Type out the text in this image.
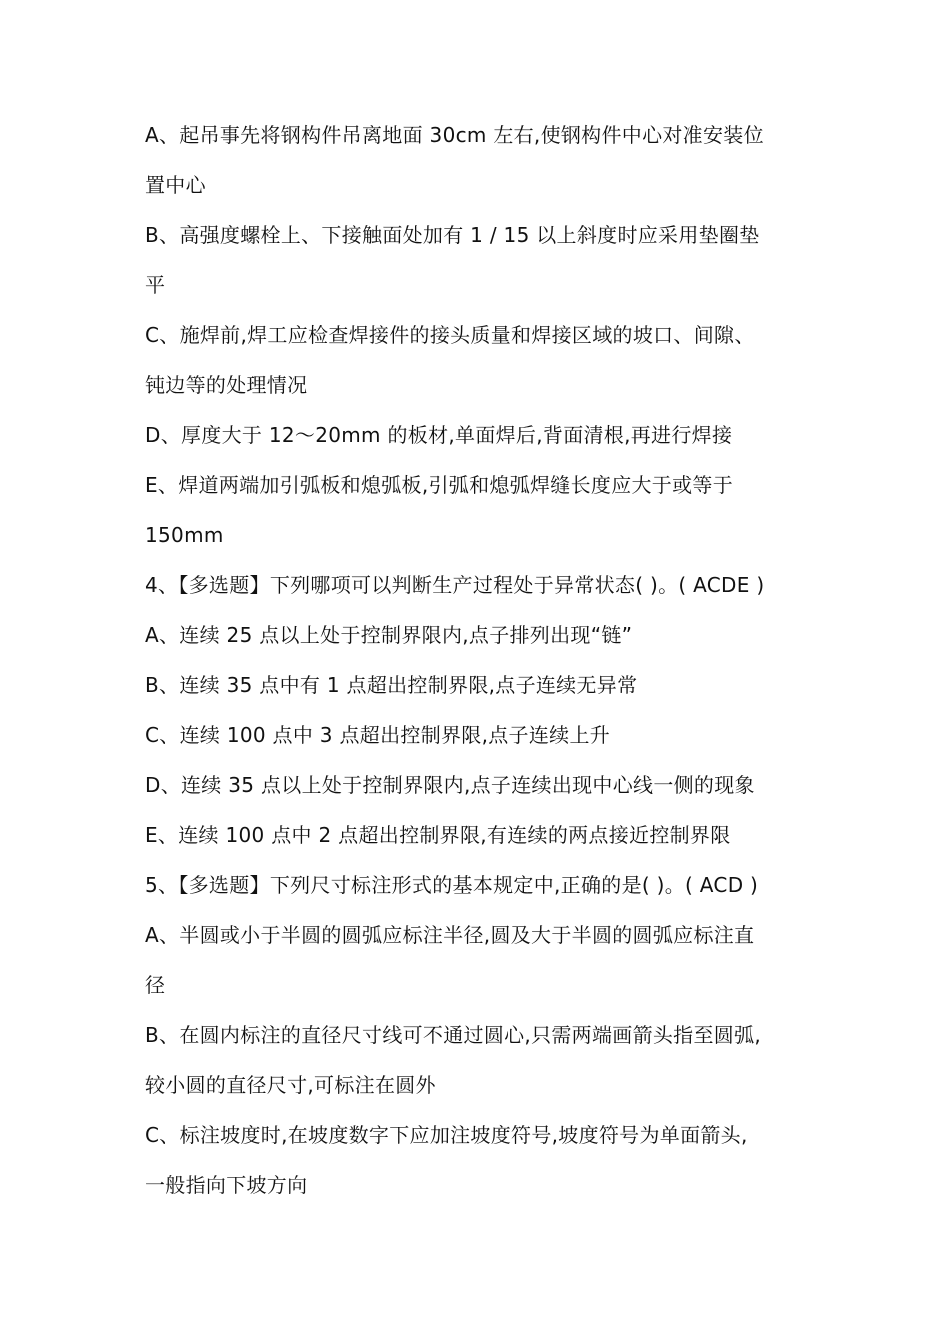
A、起吊事先将钢构件吊离地面 30cm 左右,使钢构件中心对准安装位
置中心
B、高强度螺栓上、下接触面处加有 1 / 15 以上斜度时应采用垫圈垫
平
C、施焊前,焊工应检查焊接件的接头质量和焊接区域的坡口、间隙、
钝边等的处理情况
D、厚度大于 12～20mm 的板材,单面焊后,背面清根,再进行焊接
E、焊道两端加引弧板和熄弧板,引弧和熄弧焊缝长度应大于或等于
150mm
4、【多选题】下列哪项可以判断生产过程处于异常状态( )。( ACDE )
A、连续 25 点以上处于控制界限内,点子排列出现“链”
B、连续 35 点中有 1 点超出控制界限,点子连续无异常
C、连续 100 点中 3 点超出控制界限,点子连续上升
D、连续 35 点以上处于控制界限内,点子连续出现中心线一侧的现象
E、连续 100 点中 2 点超出控制界限,有连续的两点接近控制界限
5、【多选题】下列尺寸标注形式的基本规定中,正确的是( )。( ACD )
A、半圆或小于半圆的圆弧应标注半径,圆及大于半圆的圆弧应标注直
径
B、在圆内标注的直径尺寸线可不通过圆心,只需两端画箭头指至圆弧,
较小圆的直径尺寸,可标注在圆外
C、标注坡度时,在坡度数字下应加注坡度符号,坡度符号为单面箭头,
一般指向下坡方向
